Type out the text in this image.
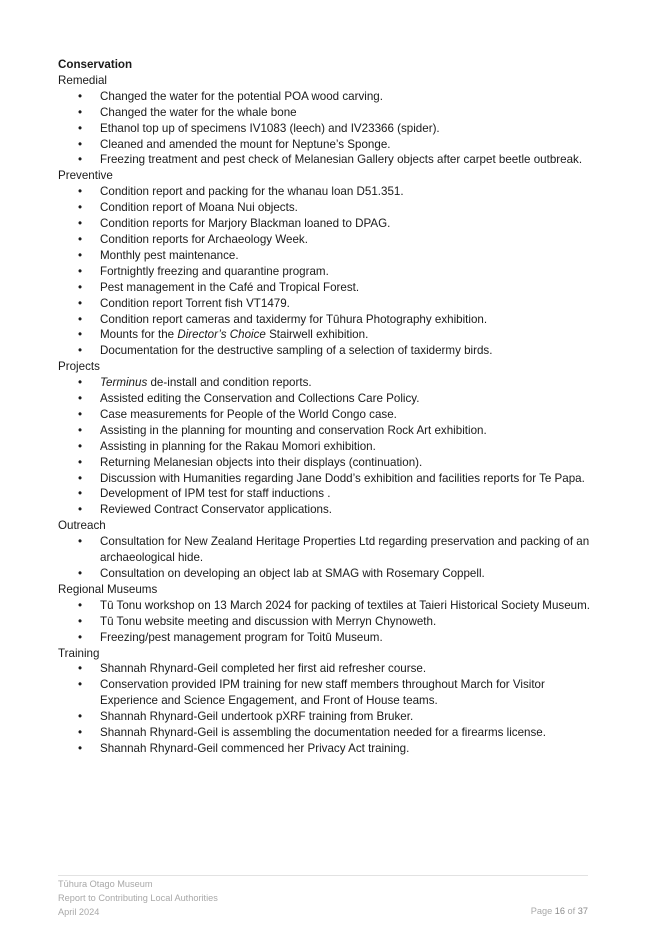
Conservation
Remedial
• Changed the water for the potential POA wood carving.
• Changed the water for the whale bone
• Ethanol top up of specimens IV1083 (leech) and IV23366 (spider).
• Cleaned and amended the mount for Neptune’s Sponge.
• Freezing treatment and pest check of Melanesian Gallery objects after carpet beetle outbreak.
Preventive
• Condition report and packing for the whanau loan D51.351.
• Condition report of Moana Nui objects.
• Condition reports for Marjory Blackman loaned to DPAG.
• Condition reports for Archaeology Week.
• Monthly pest maintenance.
• Fortnightly freezing and quarantine program.
• Pest management in the Café and Tropical Forest.
• Condition report Torrent fish VT1479.
• Condition report cameras and taxidermy for Tūhura Photography exhibition.
• Mounts for the Director’s Choice Stairwell exhibition.
• Documentation for the destructive sampling of a selection of taxidermy birds.
Projects
• Terminus de-install and condition reports.
• Assisted editing the Conservation and Collections Care Policy.
• Case measurements for People of the World Congo case.
• Assisting in the planning for mounting and conservation Rock Art exhibition.
• Assisting in planning for the Rakau Momori exhibition.
• Returning Melanesian objects into their displays (continuation).
• Discussion with Humanities regarding Jane Dodd’s exhibition and facilities reports for Te Papa.
• Development of IPM test for staff inductions .
• Reviewed Contract Conservator applications.
Outreach
• Consultation for New Zealand Heritage Properties Ltd regarding preservation and packing of an archaeological hide.
• Consultation on developing an object lab at SMAG with Rosemary Coppell.
Regional Museums
• Tū Tonu workshop on 13 March 2024 for packing of textiles at Taieri Historical Society Museum.
• Tū Tonu website meeting and discussion with Merryn Chynoweth.
• Freezing/pest management program for Toitū Museum.
Training
• Shannah Rhynard-Geil completed her first aid refresher course.
• Conservation provided IPM training for new staff members throughout March for Visitor Experience and Science Engagement, and Front of House teams.
• Shannah Rhynard-Geil undertook pXRF training from Bruker.
• Shannah Rhynard-Geil is assembling the documentation needed for a firearms license.
• Shannah Rhynard-Geil commenced her Privacy Act training.
Tūhura Otago Museum
Report to Contributing Local Authorities
April 2024	Page 16 of 37
